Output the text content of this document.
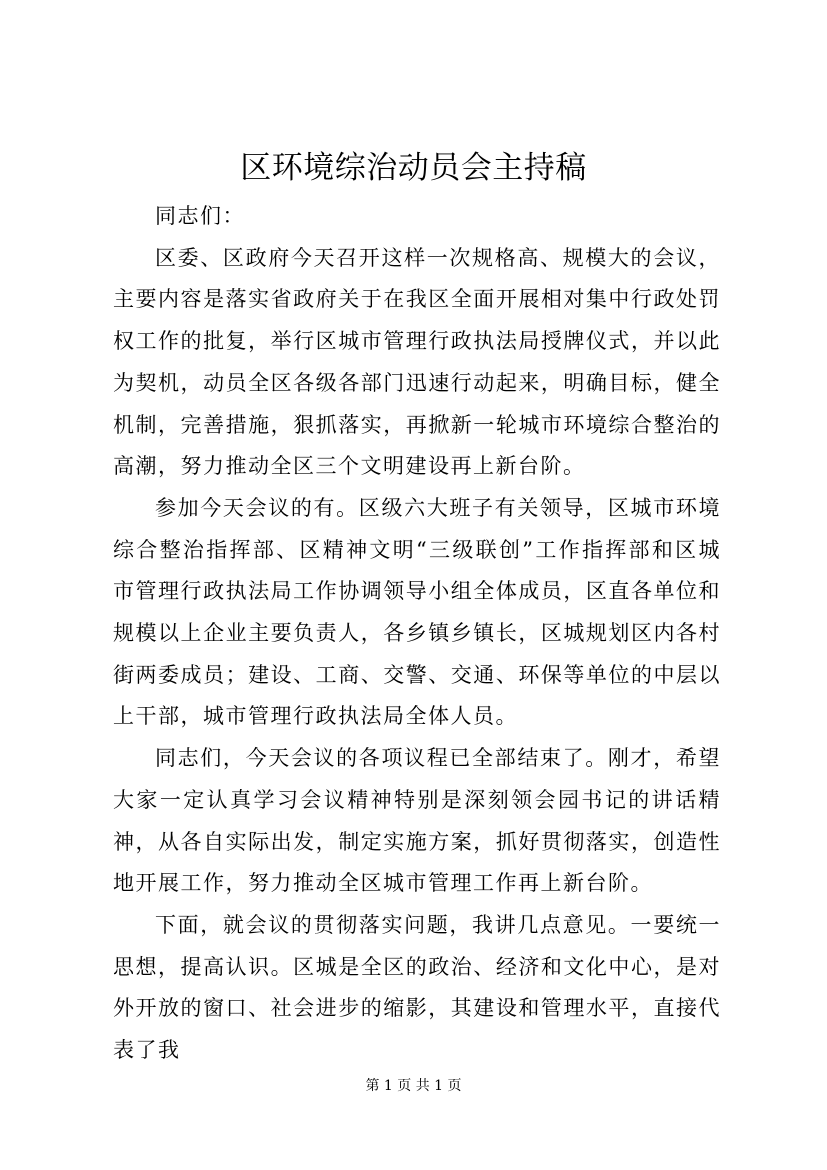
区环境综治动员会主持稿

同志们：

区委、区政府今天召开这样一次规格高、规模大的会议，主要内容是落实省政府关于在我区全面开展相对集中行政处罚权工作的批复，举行区城市管理行政执法局授牌仪式，并以此为契机，动员全区各级各部门迅速行动起来，明确目标，健全机制，完善措施，狠抓落实，再掀新一轮城市环境综合整治的高潮，努力推动全区三个文明建设再上新台阶。

参加今天会议的有。区级六大班子有关领导，区城市环境综合整治指挥部、区精神文明“三级联创”工作指挥部和区城市管理行政执法局工作协调领导小组全体成员，区直各单位和规模以上企业主要负责人，各乡镇乡镇长，区城规划区内各村街两委成员；建设、工商、交警、交通、环保等单位的中层以上干部，城市管理行政执法局全体人员。

同志们，今天会议的各项议程已全部结束了。刚才，希望大家一定认真学习会议精神特别是深刻领会园书记的讲话精神，从各自实际出发，制定实施方案，抓好贯彻落实，创造性地开展工作，努力推动全区城市管理工作再上新台阶。

下面，就会议的贯彻落实问题，我讲几点意见。一要统一思想，提高认识。区城是全区的政治、经济和文化中心，是对外开放的窗口、社会进步的缩影，其建设和管理水平，直接代表了我

第 1 页 共 1 页
